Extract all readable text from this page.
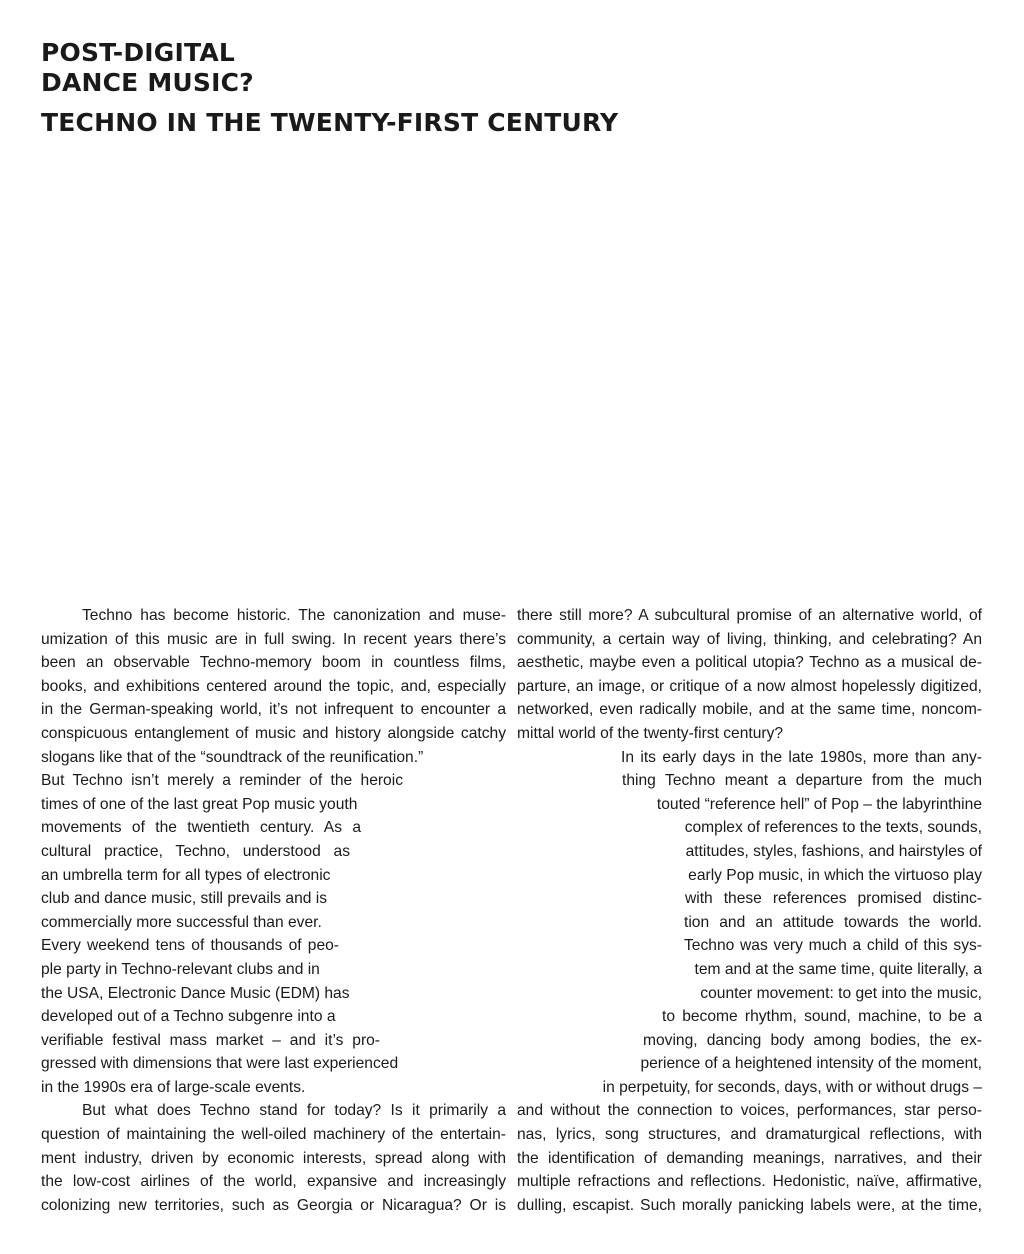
POST-DIGITAL
DANCE MUSIC?
TECHNO IN THE TWENTY-FIRST CENTURY
Techno has become historic. The canonization and muse-
umization of this music are in full swing. In recent years there’s
been an observable Techno-memory boom in countless films,
books, and exhibitions centered around the topic, and, especially
in the German-speaking world, it’s not infrequent to encounter a
conspicuous entanglement of music and history alongside catchy
slogans like that of the “soundtrack of the reunification.”
But Techno isn’t merely a reminder of the heroic
times of one of the last great Pop music youth
movements of the twentieth century. As a
cultural practice, Techno, understood as
an umbrella term for all types of electronic
club and dance music, still prevails and is
commercially more successful than ever.
Every weekend tens of thousands of peo-
ple party in Techno-relevant clubs and in
the USA, Electronic Dance Music (EDM) has
developed out of a Techno subgenre into a
verifiable festival mass market – and it’s pro-
gressed with dimensions that were last experienced
in the 1990s era of large-scale events.
But what does Techno stand for today? Is it primarily a
question of maintaining the well-oiled machinery of the entertain-
ment industry, driven by economic interests, spread along with
the low-cost airlines of the world, expansive and increasingly
colonizing new territories, such as Georgia or Nicaragua? Or is
there still more? A subcultural promise of an alternative world, of
community, a certain way of living, thinking, and celebrating? An
aesthetic, maybe even a political utopia? Techno as a musical de-
parture, an image, or critique of a now almost hopelessly digitized,
networked, even radically mobile, and at the same time, noncom-
mittal world of the twenty-first century?
In its early days in the late 1980s, more than any-
thing Techno meant a departure from the much
touted “reference hell” of Pop – the labyrinthine
complex of references to the texts, sounds,
attitudes, styles, fashions, and hairstyles of
early Pop music, in which the virtuoso play
with these references promised distinc-
tion and an attitude towards the world.
Techno was very much a child of this sys-
tem and at the same time, quite literally, a
counter movement: to get into the music,
to become rhythm, sound, machine, to be a
moving, dancing body among bodies, the ex-
perience of a heightened intensity of the moment,
in perpetuity, for seconds, days, with or without drugs –
and without the connection to voices, performances, star perso-
nas, lyrics, song structures, and dramaturgical reflections, with
the identification of demanding meanings, narratives, and their
multiple refractions and reflections. Hedonistic, naïve, affirmative,
dulling, escapist. Such morally panicking labels were, at the time,
